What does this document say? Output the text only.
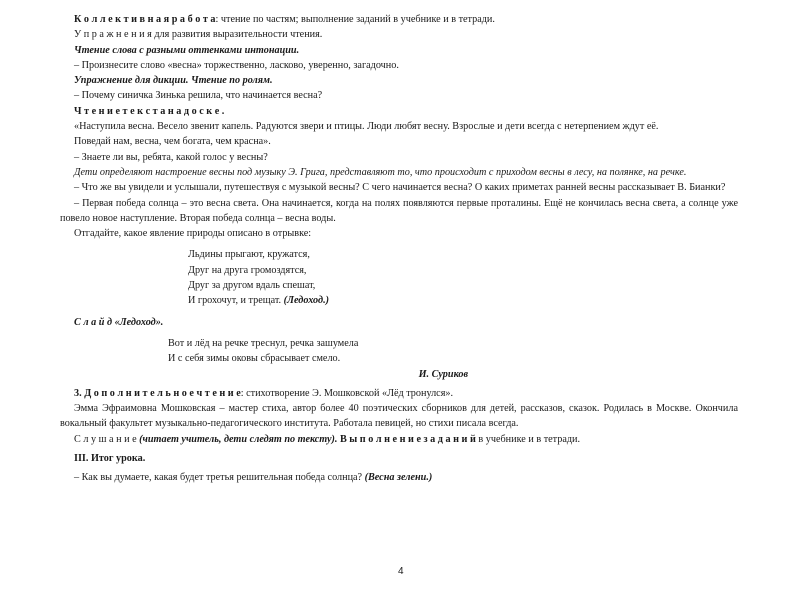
К о л л е к т и в н а я р а б о т а: чтение по частям; выполнение заданий в учебнике и в тетради.

У п р а ж н е н и я для развития выразительности чтения.

Чтение слова с разными оттенками интонации.

– Произнесите слово «весна» торжественно, ласково, уверенно, загадочно.

Упражнение для дикции. Чтение по ролям.

– Почему синичка Зинька решила, что начинается весна?

Ч т е н и е т е к с т а н а д о с к е .

«Наступила весна. Весело звенит капель. Радуются звери и птицы. Люди любят весну. Взрослые и дети всегда с нетерпением ждут её.

Поведай нам, весна, чем богата, чем красна».

– Знаете ли вы, ребята, какой голос у весны?

Дети определяют настроение весны под музыку Э. Грига, представляют то, что происходит с приходом весны в лесу, на полянке, на речке.

– Что же вы увидели и услышали, путешествуя с музыкой весны? С чего начинается весна? О каких приметах ранней весны рассказывает В. Бианки?

– Первая победа солнца – это весна света. Она начинается, когда на полях появляются первые проталины. Ещё не кончилась весна света, а солнце уже повело новое наступление. Вторая победа солнца – весна воды.

Отгадайте, какое явление природы описано в отрывке:

Льдины прыгают, кружатся,

Друг на друга громоздятся,

Друг за другом вдаль спешат,

И грохочут, и трещат. (Ледоход.)

С л а й д «Ледоход».

Вот и лёд на речке треснул, речка зашумела

И с себя зимы оковы сбрасывает смело.

И. Суриков

3. Д о п о л н и т е л ь н о е ч т е н и е: стихотворение Э. Мошковской «Лёд тронулся».

Эмма Эфраимовна Мошковская – мастер стиха, автор более 40 поэтических сборников для детей, рассказов, сказок. Родилась в Москве. Окончила вокальный факультет музыкально-педагогического института. Работала певицей, но стихи писала всегда.

С л у ш а н и е (читает учитель, дети следят по тексту). В ы п о л н е н и е з а д а н и й в учебнике и в тетради.

III. Итог урока.

– Как вы думаете, какая будет третья решительная победа солнца? (Весна зелени.)

4
